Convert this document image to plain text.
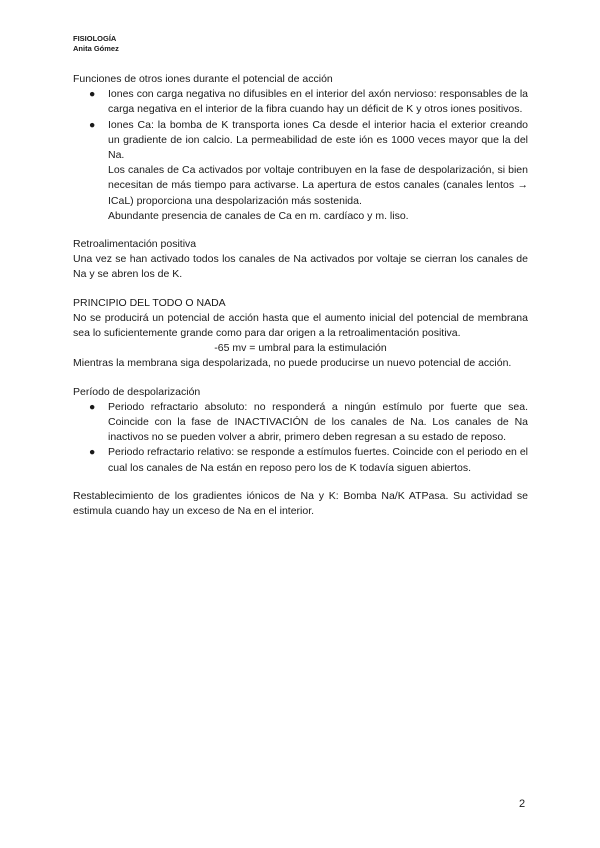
FISIOLOGÍA
Anita Gómez

Funciones de otros iones durante el potencial de acción

● Iones con carga negativa no difusibles en el interior del axón nervioso: responsables de la carga negativa en el interior de la fibra cuando hay un déficit de K y otros iones positivos.

● Iones Ca: la bomba de K transporta iones Ca desde el interior hacia el exterior creando un gradiente de ion calcio. La permeabilidad de este ión es 1000 veces mayor que la del Na.

Los canales de Ca activados por voltaje contribuyen en la fase de despolarización, si bien necesitan de más tiempo para activarse. La apertura de estos canales (canales lentos → ICaL) proporciona una despolarización más sostenida.

Abundante presencia de canales de Ca en m. cardíaco y m. liso.

Retroalimentación positiva

Una vez se han activado todos los canales de Na activados por voltaje se cierran los canales de Na y se abren los de K.

PRINCIPIO DEL TODO O NADA

No se producirá un potencial de acción hasta que el aumento inicial del potencial de membrana sea lo suficientemente grande como para dar origen a la retroalimentación positiva.

-65 mv = umbral para la estimulación

Mientras la membrana siga despolarizada, no puede producirse un nuevo potencial de acción.

Período de despolarización

● Periodo refractario absoluto: no responderá a ningún estímulo por fuerte que sea. Coincide con la fase de INACTIVACIÓN de los canales de Na. Los canales de Na inactivos no se pueden volver a abrir, primero deben regresan a su estado de reposo.

● Periodo refractario relativo: se responde a estímulos fuertes. Coincide con el periodo en el cual los canales de Na están en reposo pero los de K todavía siguen abiertos.

Restablecimiento de los gradientes iónicos de Na y K: Bomba Na/K ATPasa. Su actividad se estimula cuando hay un exceso de Na en el interior.

2
